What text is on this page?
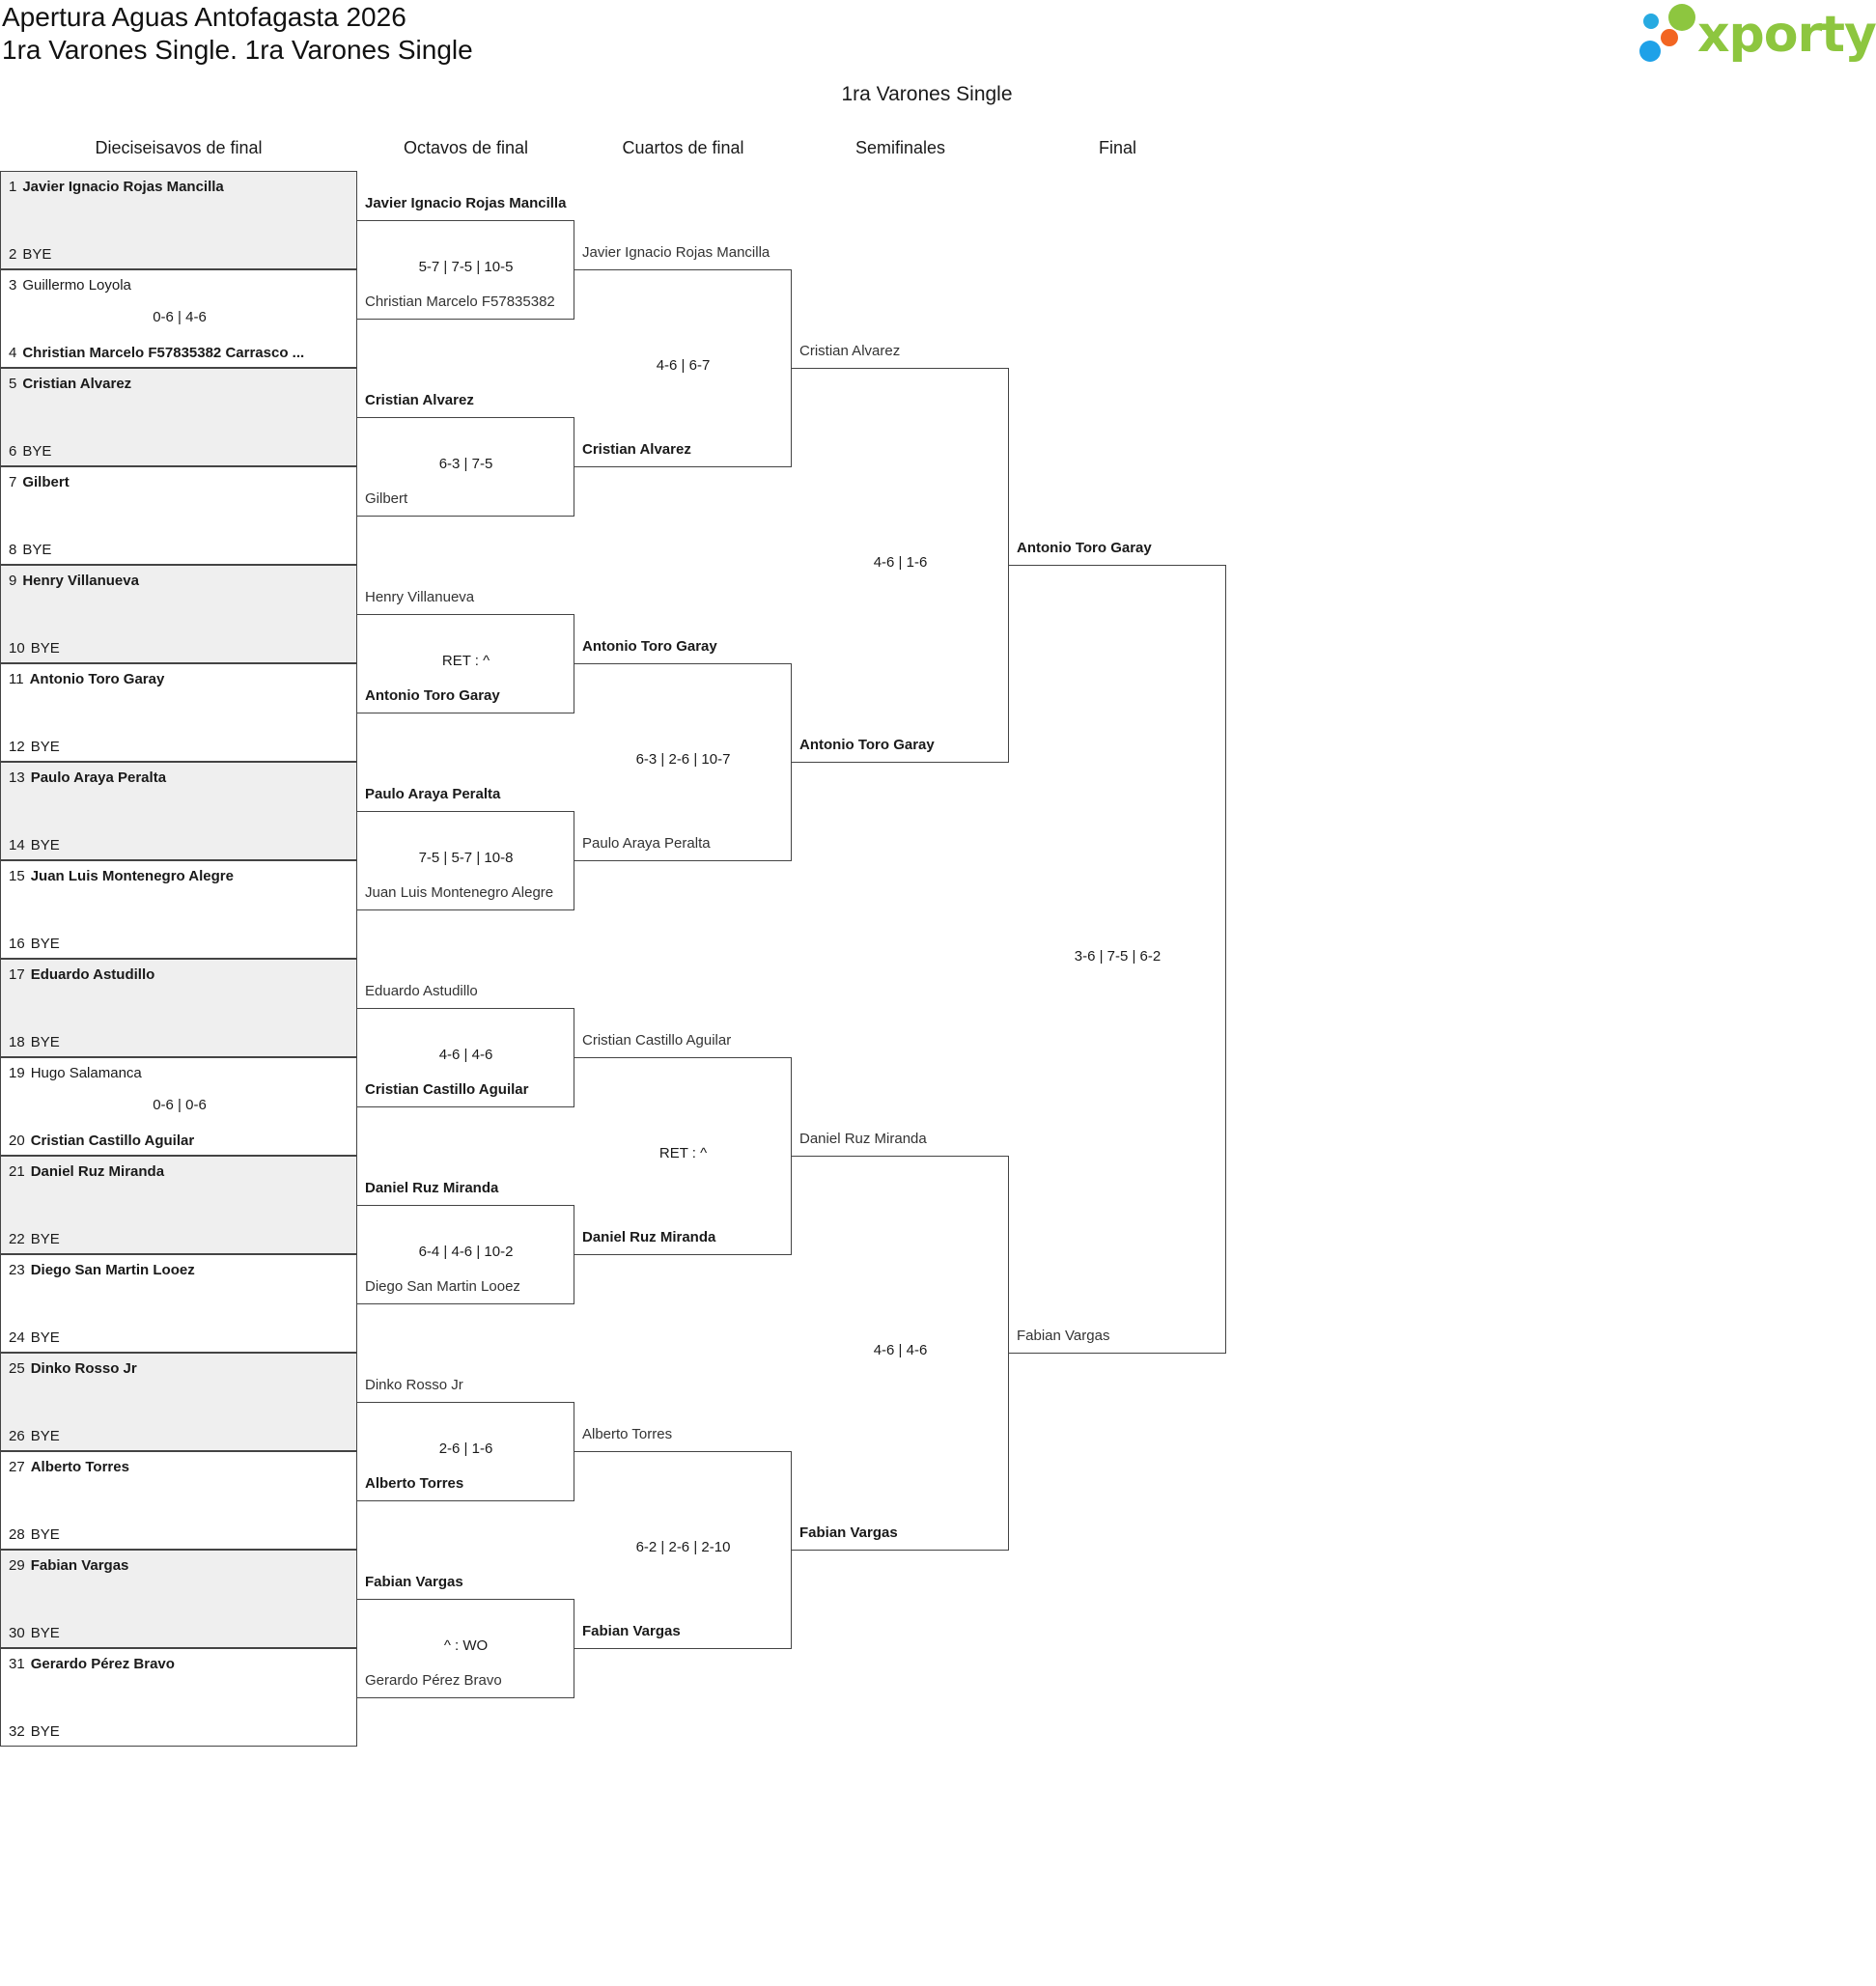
Apertura Aguas Antofagasta 2026
1ra Varones Single. 1ra Varones Single	xporty
1ra Varones Single
Dieciseisavos de final	Octavos de final	Cuartos de final	Semifinales	Final
1 Javier Ignacio Rojas Mancilla
2 BYE
3 Guillermo Loyola
4 Christian Marcelo F57835382 Carrasco ...
0-6 | 4-6
5 Cristian Alvarez
6 BYE
7 Gilbert
8 BYE
9 Henry Villanueva
10 BYE
11 Antonio Toro Garay
12 BYE
13 Paulo Araya Peralta
14 BYE
15 Juan Luis Montenegro Alegre
16 BYE
17 Eduardo Astudillo
18 BYE
19 Hugo Salamanca
20 Cristian Castillo Aguilar
0-6 | 0-6
21 Daniel Ruz Miranda
22 BYE
23 Diego San Martin Looez
24 BYE
25 Dinko Rosso Jr
26 BYE
27 Alberto Torres
28 BYE
29 Fabian Vargas
30 BYE
31 Gerardo Pérez Bravo
32 BYE
Javier Ignacio Rojas Mancilla
Christian Marcelo F57835382
5-7 | 7-5 | 10-5
Cristian Alvarez
Gilbert
6-3 | 7-5
Henry Villanueva
Antonio Toro Garay
RET : ^
Paulo Araya Peralta
Juan Luis Montenegro Alegre
7-5 | 5-7 | 10-8
Eduardo Astudillo
Cristian Castillo Aguilar
4-6 | 4-6
Daniel Ruz Miranda
Diego San Martin Looez
6-4 | 4-6 | 10-2
Dinko Rosso Jr
Alberto Torres
2-6 | 1-6
Fabian Vargas
Gerardo Pérez Bravo
^ : WO
Javier Ignacio Rojas Mancilla
Cristian Alvarez
4-6 | 6-7
Antonio Toro Garay
Paulo Araya Peralta
6-3 | 2-6 | 10-7
Cristian Castillo Aguilar
Daniel Ruz Miranda
RET : ^
Alberto Torres
Fabian Vargas
6-2 | 2-6 | 2-10
Cristian Alvarez
Antonio Toro Garay
4-6 | 1-6
Daniel Ruz Miranda
Fabian Vargas
4-6 | 4-6
Antonio Toro Garay
Fabian Vargas
3-6 | 7-5 | 6-2
